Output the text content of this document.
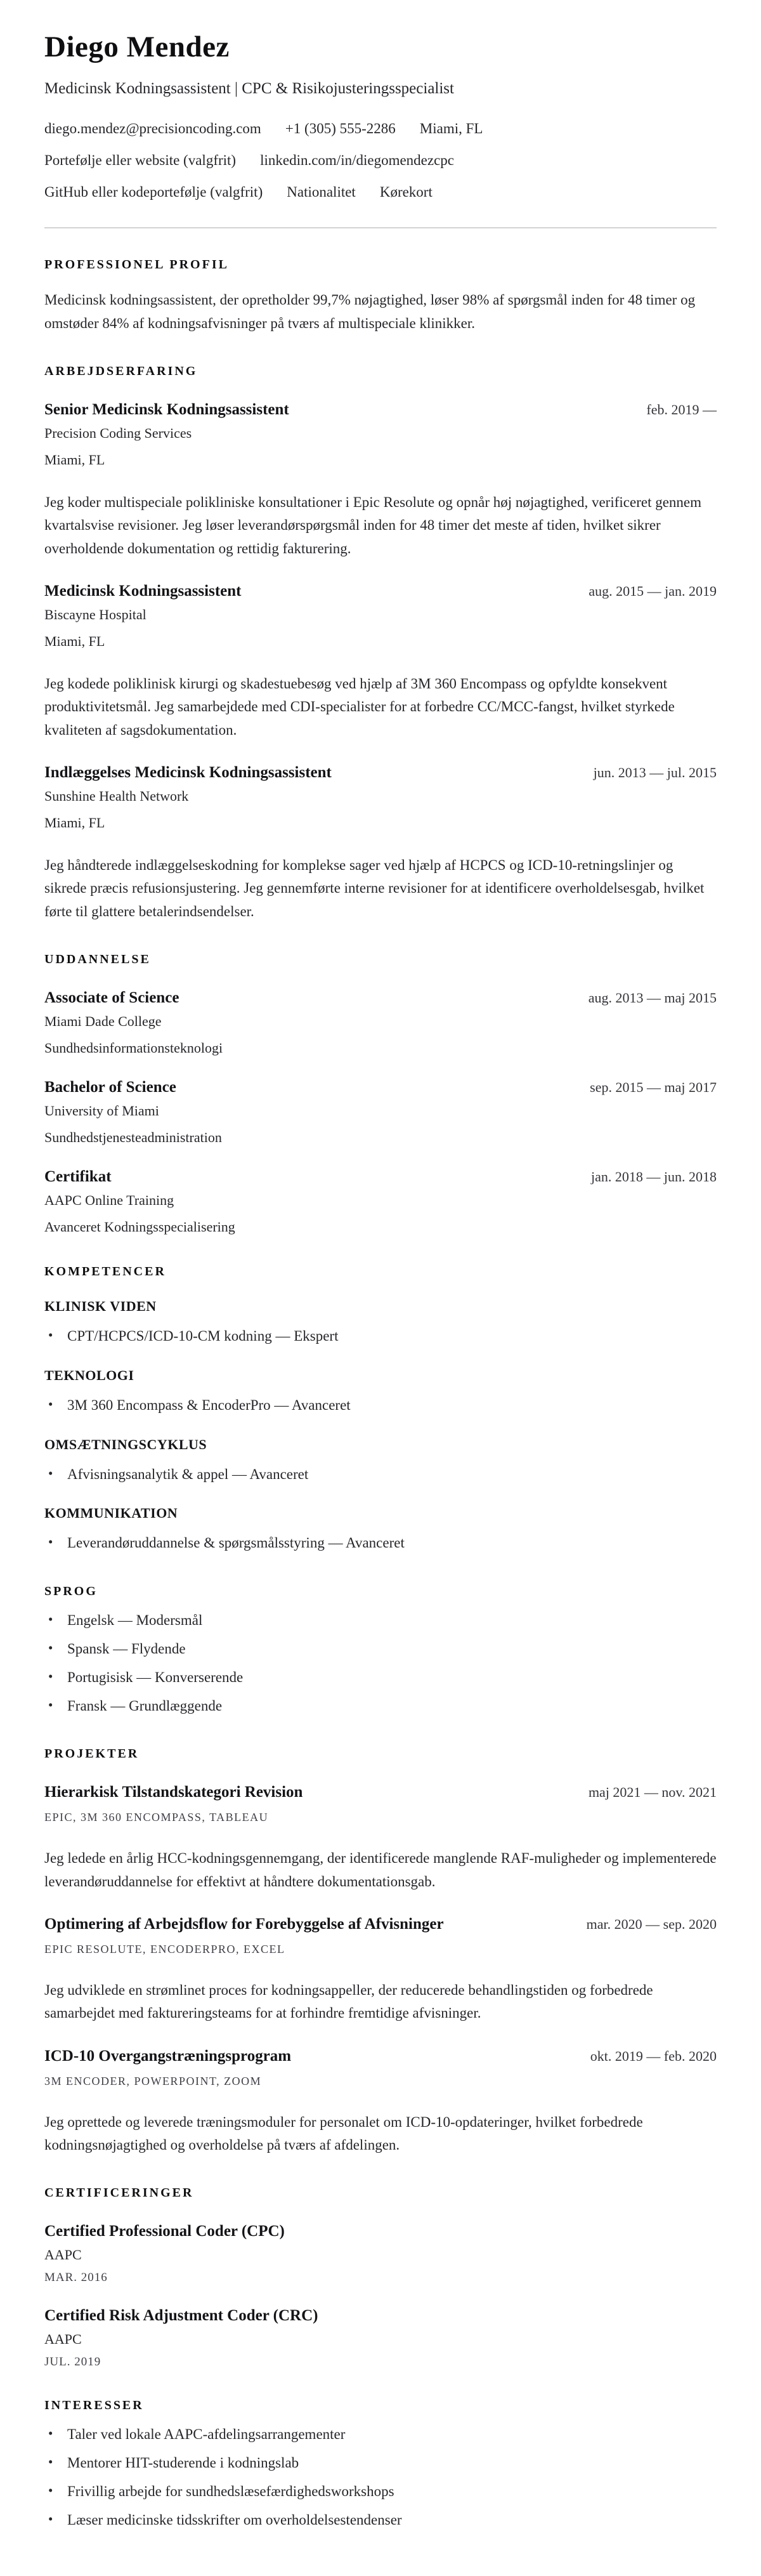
Diego Mendez
Medicinsk Kodningsassistent | CPC & Risikojusteringsspecialist
diego.mendez@precisioncoding.com +1 (305) 555-2286 Miami, FL
Portefølje eller website (valgfrit) linkedin.com/in/diegomendezcpc
GitHub eller kodeportefølje (valgfrit) Nationalitet Kørekort
PROFESSIONEL PROFIL
Medicinsk kodningsassistent, der opretholder 99,7% nøjagtighed, løser 98% af spørgsmål inden for 48 timer og omstøder 84% af kodningsafvisninger på tværs af multispeciale klinikker.
ARBEJDSERFARING
Senior Medicinsk Kodningsassistent	feb. 2019 —
Precision Coding Services
Miami, FL
Jeg koder multispeciale polikliniske konsultationer i Epic Resolute og opnår høj nøjagtighed, verificeret gennem kvartalsvise revisioner. Jeg løser leverandørspørgsmål inden for 48 timer det meste af tiden, hvilket sikrer overholdende dokumentation og rettidig fakturering.
Medicinsk Kodningsassistent	aug. 2015 — jan. 2019
Biscayne Hospital
Miami, FL
Jeg kodede poliklinisk kirurgi og skadestuebesøg ved hjælp af 3M 360 Encompass og opfyldte konsekvent produktivitetsmål. Jeg samarbejdede med CDI-specialister for at forbedre CC/MCC-fangst, hvilket styrkede kvaliteten af sagsdokumentation.
Indlæggelses Medicinsk Kodningsassistent	jun. 2013 — jul. 2015
Sunshine Health Network
Miami, FL
Jeg håndterede indlæggelseskodning for komplekse sager ved hjælp af HCPCS og ICD-10-retningslinjer og sikrede præcis refusionsjustering. Jeg gennemførte interne revisioner for at identificere overholdelsesgab, hvilket førte til glattere betalerindsendelser.
UDDANNELSE
Associate of Science	aug. 2013 — maj 2015
Miami Dade College
Sundhedsinformationsteknologi
Bachelor of Science	sep. 2015 — maj 2017
University of Miami
Sundhedstjenesteadministration
Certifikat	jan. 2018 — jun. 2018
AAPC Online Training
Avanceret Kodningsspecialisering
KOMPETENCER
KLINISK VIDEN
• CPT/HCPCS/ICD-10-CM kodning — Ekspert
TEKNOLOGI
• 3M 360 Encompass & EncoderPro — Avanceret
OMSÆTNINGSCYKLUS
• Afvisningsanalytik & appel — Avanceret
KOMMUNIKATION
• Leverandøruddannelse & spørgsmålsstyring — Avanceret
SPROG
• Engelsk — Modersmål
• Spansk — Flydende
• Portugisisk — Konverserende
• Fransk — Grundlæggende
PROJEKTER
Hierarkisk Tilstandskategori Revision	maj 2021 — nov. 2021
EPIC, 3M 360 ENCOMPASS, TABLEAU
Jeg ledede en årlig HCC-kodningsgennemgang, der identificerede manglende RAF-muligheder og implementerede leverandøruddannelse for effektivt at håndtere dokumentationsgab.
Optimering af Arbejdsflow for Forebyggelse af Afvisninger	mar. 2020 — sep. 2020
EPIC RESOLUTE, ENCODERPRO, EXCEL
Jeg udviklede en strømlinet proces for kodningsappeller, der reducerede behandlingstiden og forbedrede samarbejdet med faktureringsteams for at forhindre fremtidige afvisninger.
ICD-10 Overgangstræningsprogram	okt. 2019 — feb. 2020
3M ENCODER, POWERPOINT, ZOOM
Jeg oprettede og leverede træningsmoduler for personalet om ICD-10-opdateringer, hvilket forbedrede kodningsnøjagtighed og overholdelse på tværs af afdelingen.
CERTIFICERINGER
Certified Professional Coder (CPC)
AAPC
MAR. 2016
Certified Risk Adjustment Coder (CRC)
AAPC
JUL. 2019
INTERESSER
• Taler ved lokale AAPC-afdelingsarrangementer
• Mentorer HIT-studerende i kodningslab
• Frivillig arbejde for sundhedslæsefærdighedsworkshops
• Læser medicinske tidsskrifter om overholdelsestendenser
